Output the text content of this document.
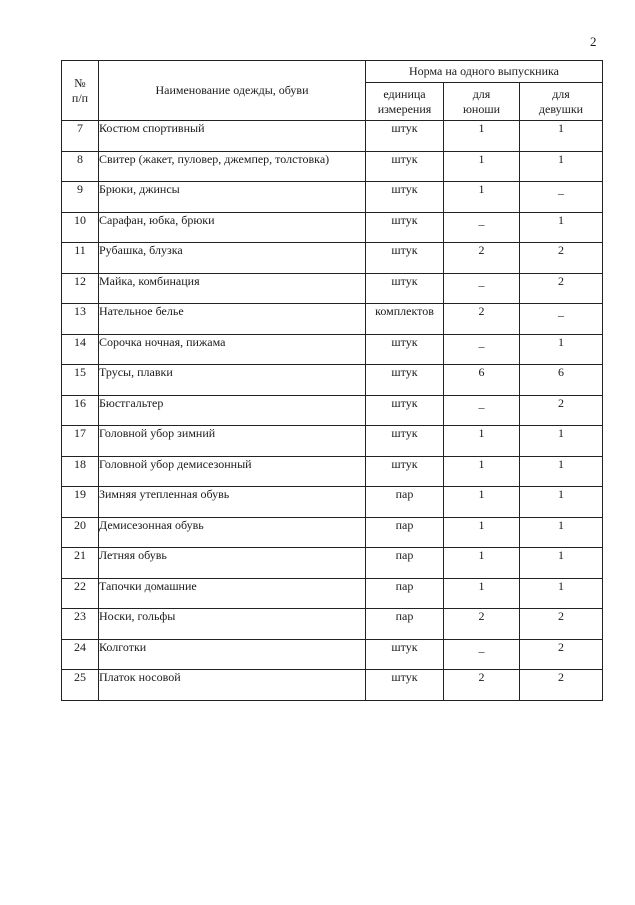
2
№ п/п	Наименование одежды, обуви	Норма на одного выпускника		
		единица измерения	для юноши	для девушки
7	Костюм спортивный	штук	1	1
8	Свитер (жакет, пуловер, джемпер, толстовка)	штук	1	1
9	Брюки, джинсы	штук	1	_
10	Сарафан, юбка, брюки	штук	_	1
11	Рубашка, блузка	штук	2	2
12	Майка, комбинация	штук	_	2
13	Нательное белье	комплектов	2	_
14	Сорочка ночная, пижама	штук	_	1
15	Трусы, плавки	штук	6	6
16	Бюстгальтер	штук	_	2
17	Головной убор зимний	штук	1	1
18	Головной убор демисезонный	штук	1	1
19	Зимняя утепленная обувь	пар	1	1
20	Демисезонная обувь	пар	1	1
21	Летняя обувь	пар	1	1
22	Тапочки домашние	пар	1	1
23	Носки, гольфы	пар	2	2
24	Колготки	штук	_	2
25	Платок носовой	штук	2	2
